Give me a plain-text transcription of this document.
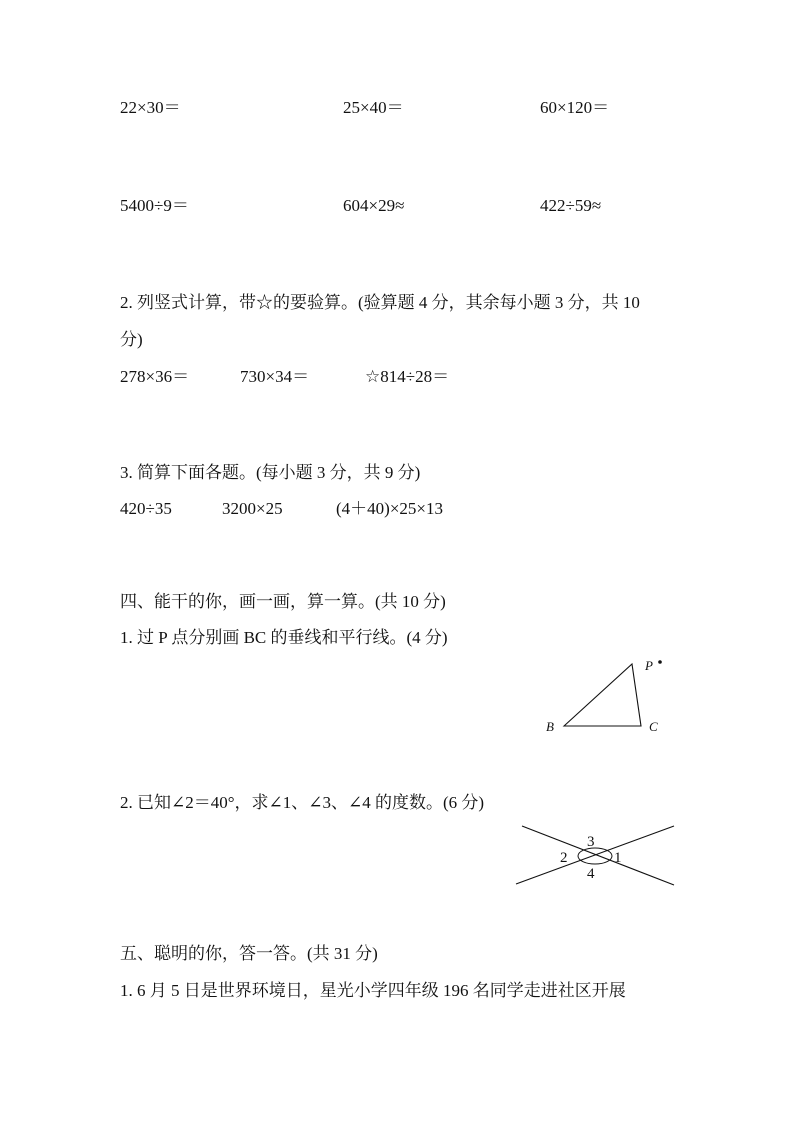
22×30＝	25×40＝	60×120＝
5400÷9＝	604×29≈	422÷59≈
2. 列竖式计算，带☆的要验算。(验算题 4 分，其余每小题 3 分，共 10
分)
278×36＝	730×34＝	☆814÷28＝
3. 简算下面各题。(每小题 3 分，共 9 分)
420÷35	3200×25	(4＋40)×25×13
四、能干的你，画一画，算一算。(共 10 分)
1. 过 P 点分别画 BC 的垂线和平行线。(4 分)
P
B	C
2. 已知∠2＝40°，求∠1、∠3、∠4 的度数。(6 分)
3
2	1
4
五、聪明的你，答一答。(共 31 分)
1. 6 月 5 日是世界环境日，星光小学四年级 196 名同学走进社区开展
